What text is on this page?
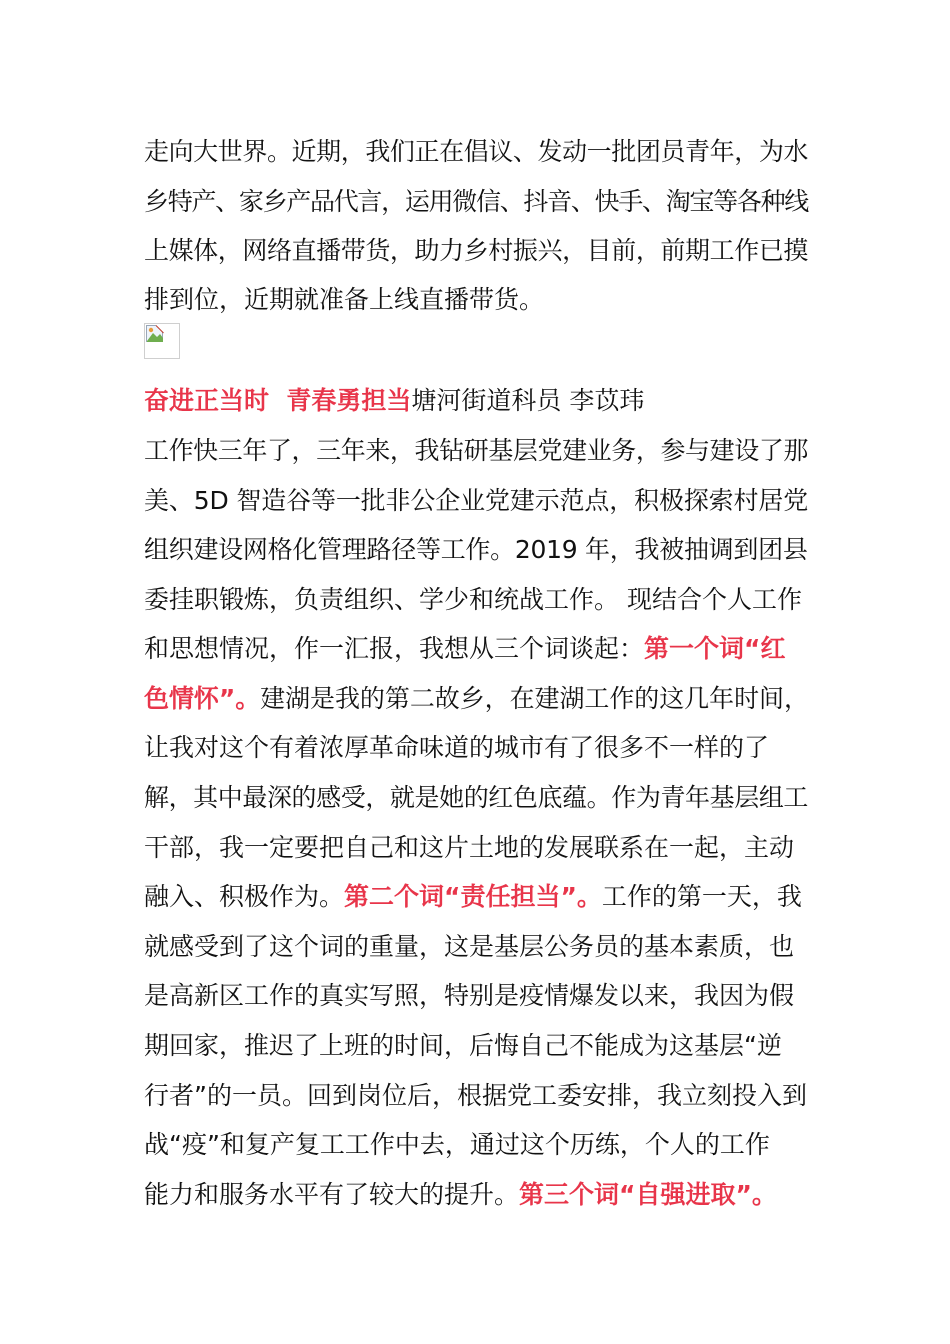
走向大世界。近期，我们正在倡议、发动一批团员青年，为水
乡特产、家乡产品代言，运用微信、抖音、快手、淘宝等各种线
上媒体，网络直播带货，助力乡村振兴，目前，前期工作已摸
排到位，近期就准备上线直播带货。
奋进正当时  青春勇担当塘河街道科员 李苡玮
工作快三年了，三年来，我钻研基层党建业务，参与建设了那
美、5D 智造谷等一批非公企业党建示范点，积极探索村居党
组织建设网格化管理路径等工作。2019 年，我被抽调到团县
委挂职锻炼，负责组织、学少和统战工作。 现结合个人工作
和思想情况，作一汇报，我想从三个词谈起：第一个词“红
色情怀”。建湖是我的第二故乡，在建湖工作的这几年时间，
让我对这个有着浓厚革命味道的城市有了很多不一样的了
解，其中最深的感受，就是她的红色底蕴。作为青年基层组工
干部，我一定要把自己和这片土地的发展联系在一起，主动
融入、积极作为。第二个词“责任担当”。工作的第一天，我
就感受到了这个词的重量，这是基层公务员的基本素质，也
是高新区工作的真实写照，特别是疫情爆发以来，我因为假
期回家，推迟了上班的时间，后悔自己不能成为这基层“逆
行者”的一员。回到岗位后，根据党工委安排，我立刻投入到
战“疫”和复产复工工作中去，通过这个历练，个人的工作
能力和服务水平有了较大的提升。第三个词“自强进取”。
